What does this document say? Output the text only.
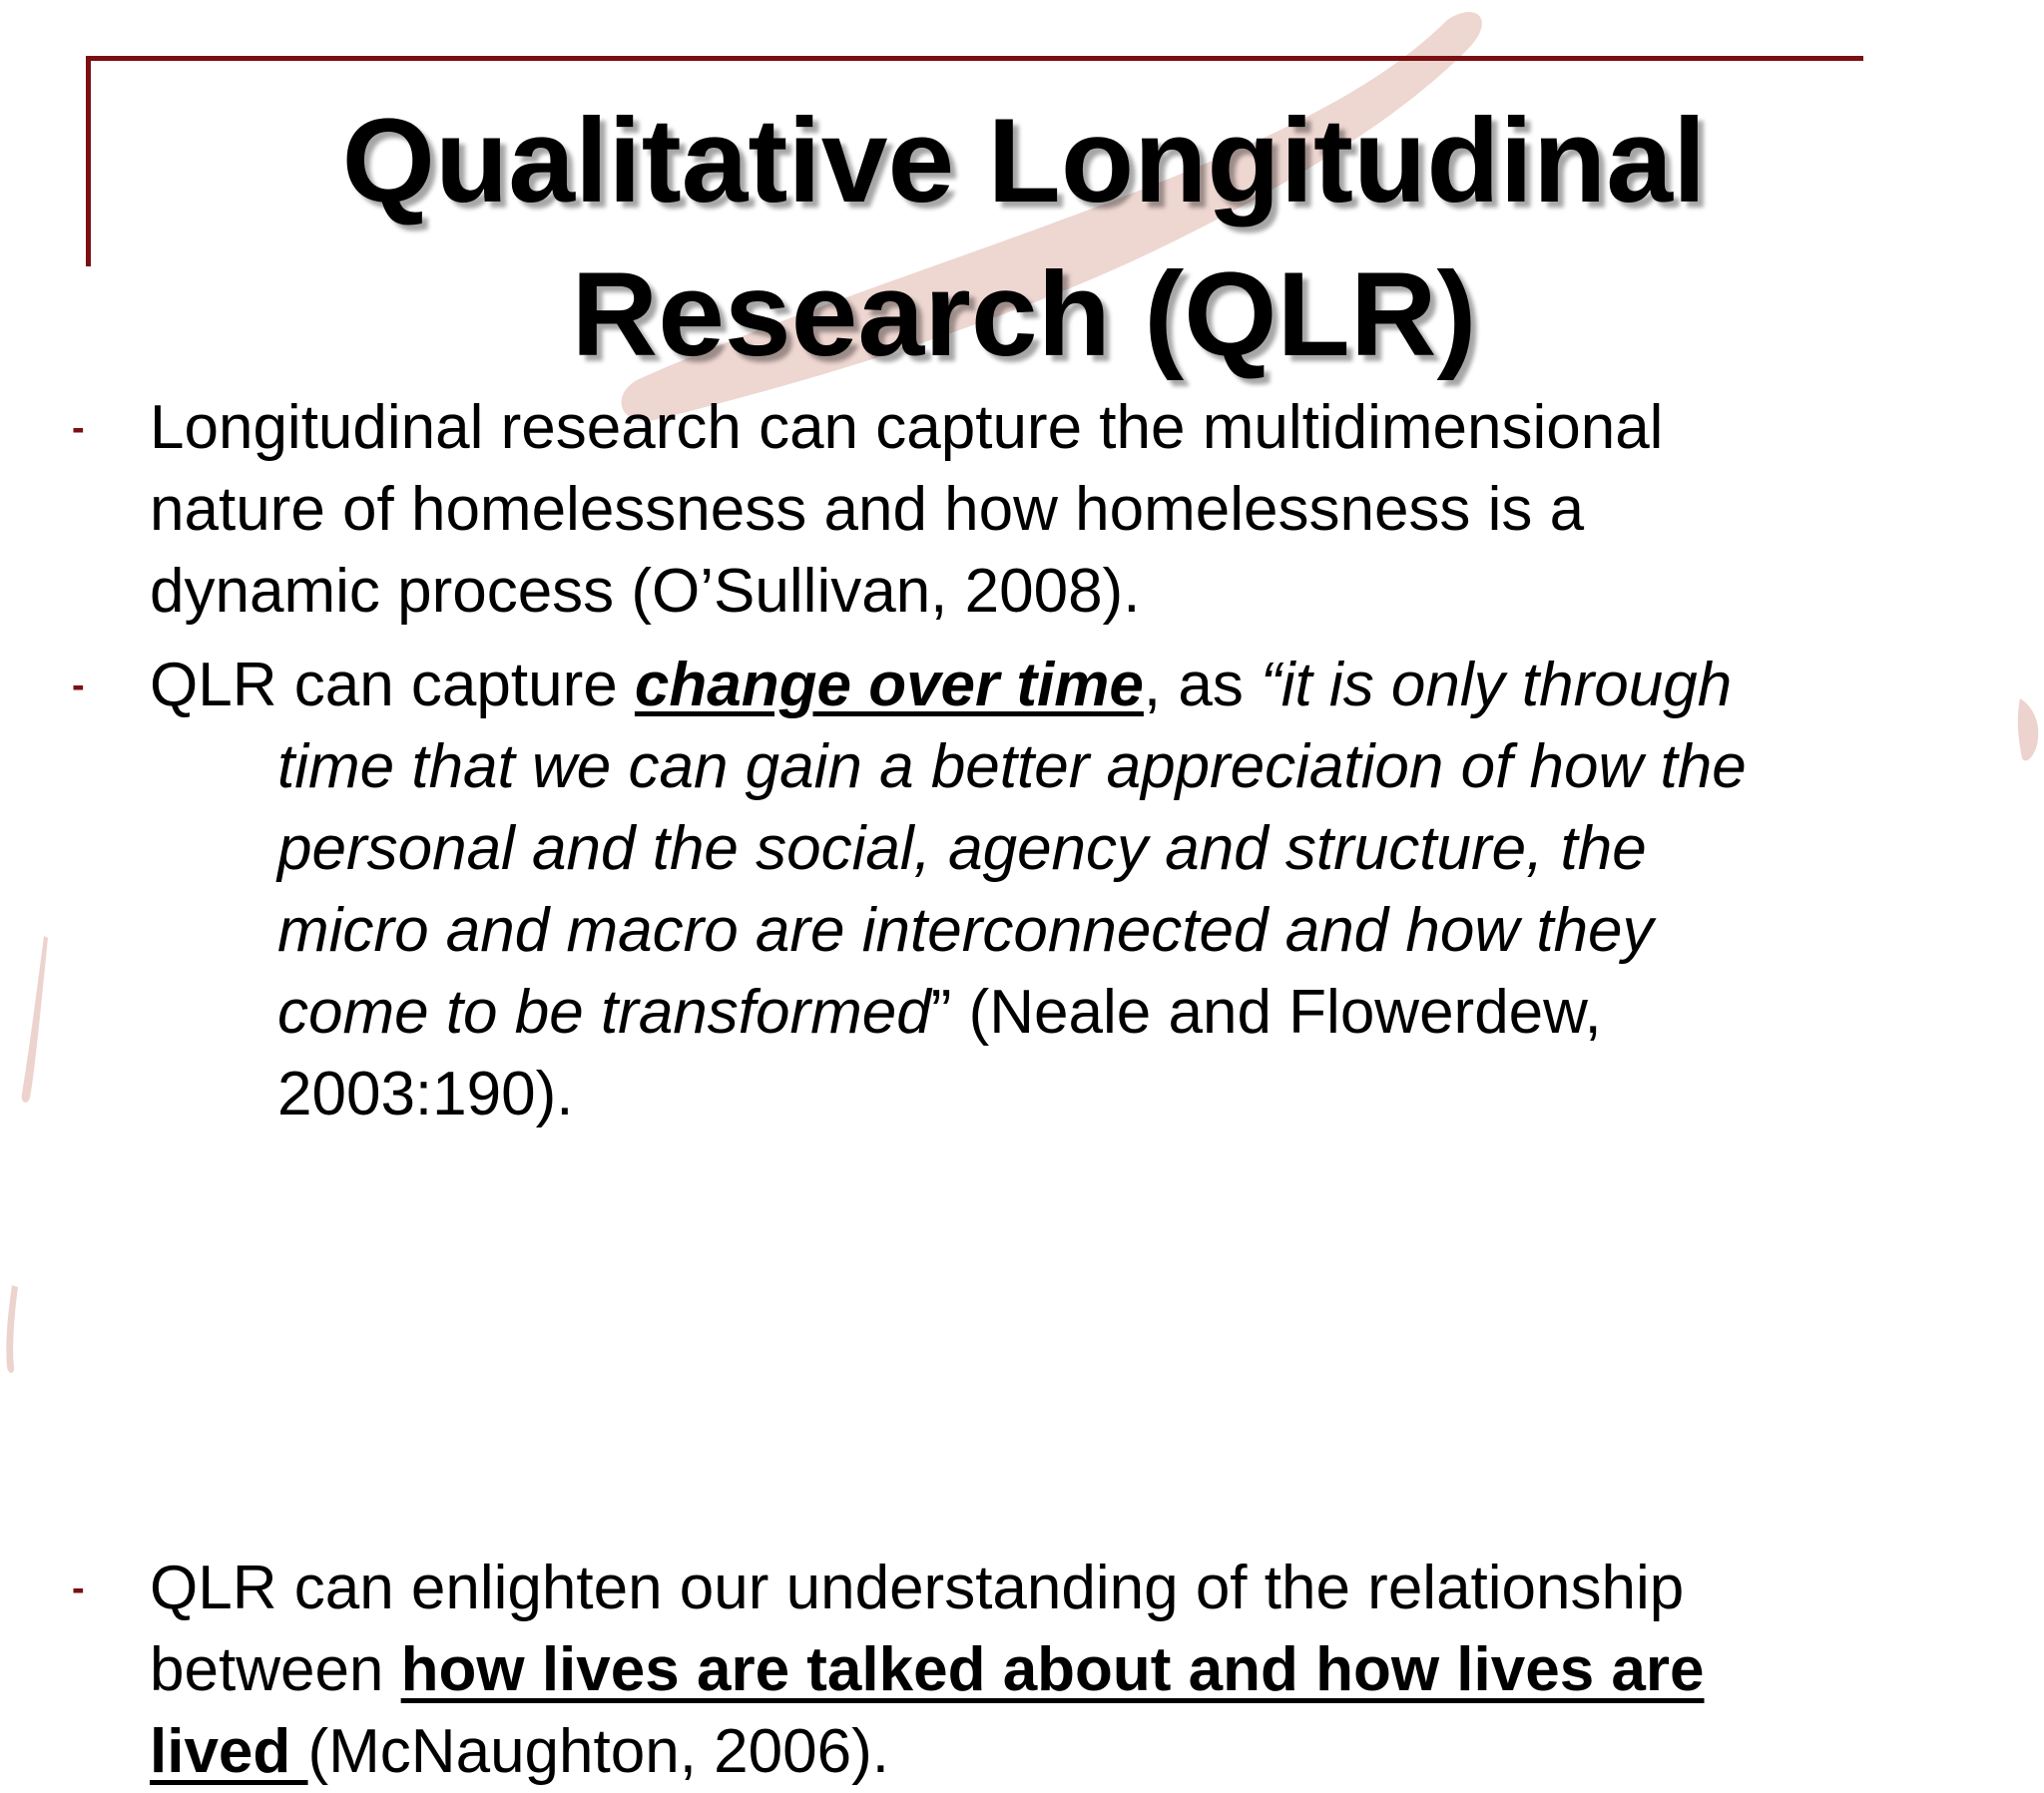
Qualitative Longitudinal
Research (QLR)
- Longitudinal research can capture the multidimensional
nature of homelessness and how homelessness is a
dynamic process (O’Sullivan, 2008).
- QLR can capture change over time, as “it is only through
time that we can gain a better appreciation of how the
personal and the social, agency and structure, the
micro and macro are interconnected and how they
come to be transformed” (Neale and Flowerdew,
2003:190).
- QLR can enlighten our understanding of the relationship
between how lives are talked about and how lives are
lived (McNaughton, 2006).
